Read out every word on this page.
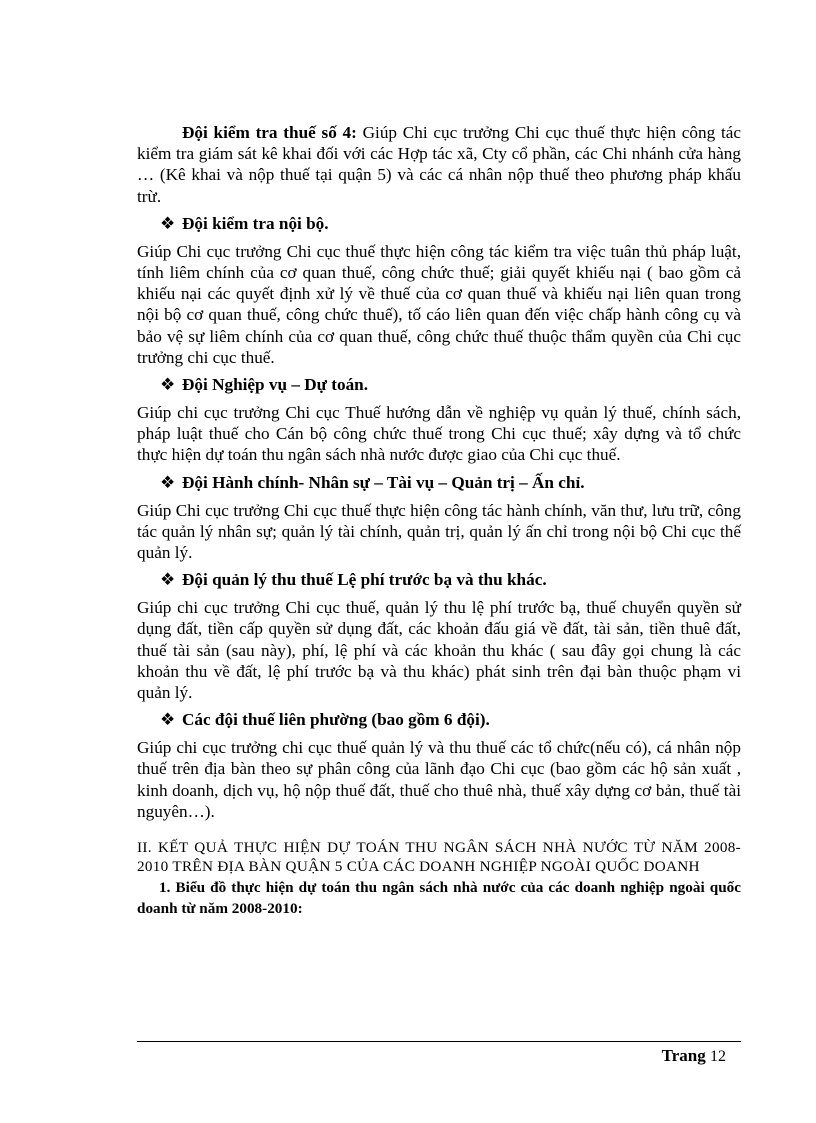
Đội kiểm tra thuế số 4: Giúp Chi cục trưởng Chi cục thuế thực hiện công tác kiểm tra giám sát kê khai đối với các Hợp tác xã, Cty cổ phần, các Chi nhánh cửa hàng … (Kê khai và nộp thuế tại quận 5) và các cá nhân nộp thuế theo phương pháp khấu trừ.

❖ Đội kiểm tra nội bộ.

Giúp Chi cục trưởng Chi cục thuế thực hiện công tác kiểm tra việc tuân thủ pháp luật, tính liêm chính của cơ quan thuế, công chức thuế; giải quyết khiếu nại ( bao gồm cả khiếu nại các quyết định xử lý về thuế của cơ quan thuế và khiếu nại liên quan trong nội bộ cơ quan thuế, công chức thuế), tố cáo liên quan đến việc chấp hành công cụ và bảo vệ sự liêm chính của cơ quan thuế, công chức thuế thuộc thẩm quyền của Chi cục trưởng chi cục thuế.

❖ Đội Nghiệp vụ – Dự toán.

Giúp chi cục trưởng Chi cục Thuế hướng dẫn về nghiệp vụ quản lý thuế, chính sách, pháp luật thuế cho Cán bộ công chức thuế trong Chi cục thuế; xây dựng và tổ chức thực hiện dự toán thu ngân sách nhà nước được giao của Chi cục thuế.

❖ Đội Hành chính- Nhân sự – Tài vụ – Quản trị – Ấn chỉ.

Giúp Chi cục trưởng Chi cục thuế thực hiện công tác hành chính, văn thư, lưu trữ, công tác quản lý nhân sự; quản lý tài chính, quản trị, quản lý ấn chỉ trong nội bộ Chi cục thế quản lý.

❖ Đội quản lý thu thuế Lệ phí trước bạ và thu khác.

Giúp chi cục trưởng Chi cục thuế, quản lý thu lệ phí trước bạ, thuế chuyển quyền sử dụng đất, tiền cấp quyền sử dụng đất, các khoản đấu giá về đất, tài sản, tiền thuê đất, thuế tài sản (sau này), phí, lệ phí và các khoản thu khác ( sau đây gọi chung là các khoản thu về đất, lệ phí trước bạ và thu khác) phát sinh trên đại bàn thuộc phạm vi quản lý.

❖ Các đội thuế liên phường (bao gồm 6 đội).

Giúp chi cục trưởng chi cục thuế quản lý và thu thuế các tổ chức(nếu có), cá nhân nộp thuế trên địa bàn theo sự phân công của lãnh đạo Chi cục (bao gồm các hộ sản xuất , kinh doanh, dịch vụ, hộ nộp thuế đất, thuế cho thuê nhà, thuế xây dựng cơ bản, thuế tài nguyên…).

II. KẾT QUẢ THỰC HIỆN DỰ TOÁN THU NGÂN SÁCH NHÀ NƯỚC TỪ NĂM 2008-2010 TRÊN ĐỊA BÀN QUẬN 5 CỦA CÁC DOANH NGHIỆP NGOÀI QUỐC DOANH

1. Biểu đồ thực hiện dự toán thu ngân sách nhà nước của các doanh nghiệp ngoài quốc doanh từ năm 2008-2010:

Trang 12
